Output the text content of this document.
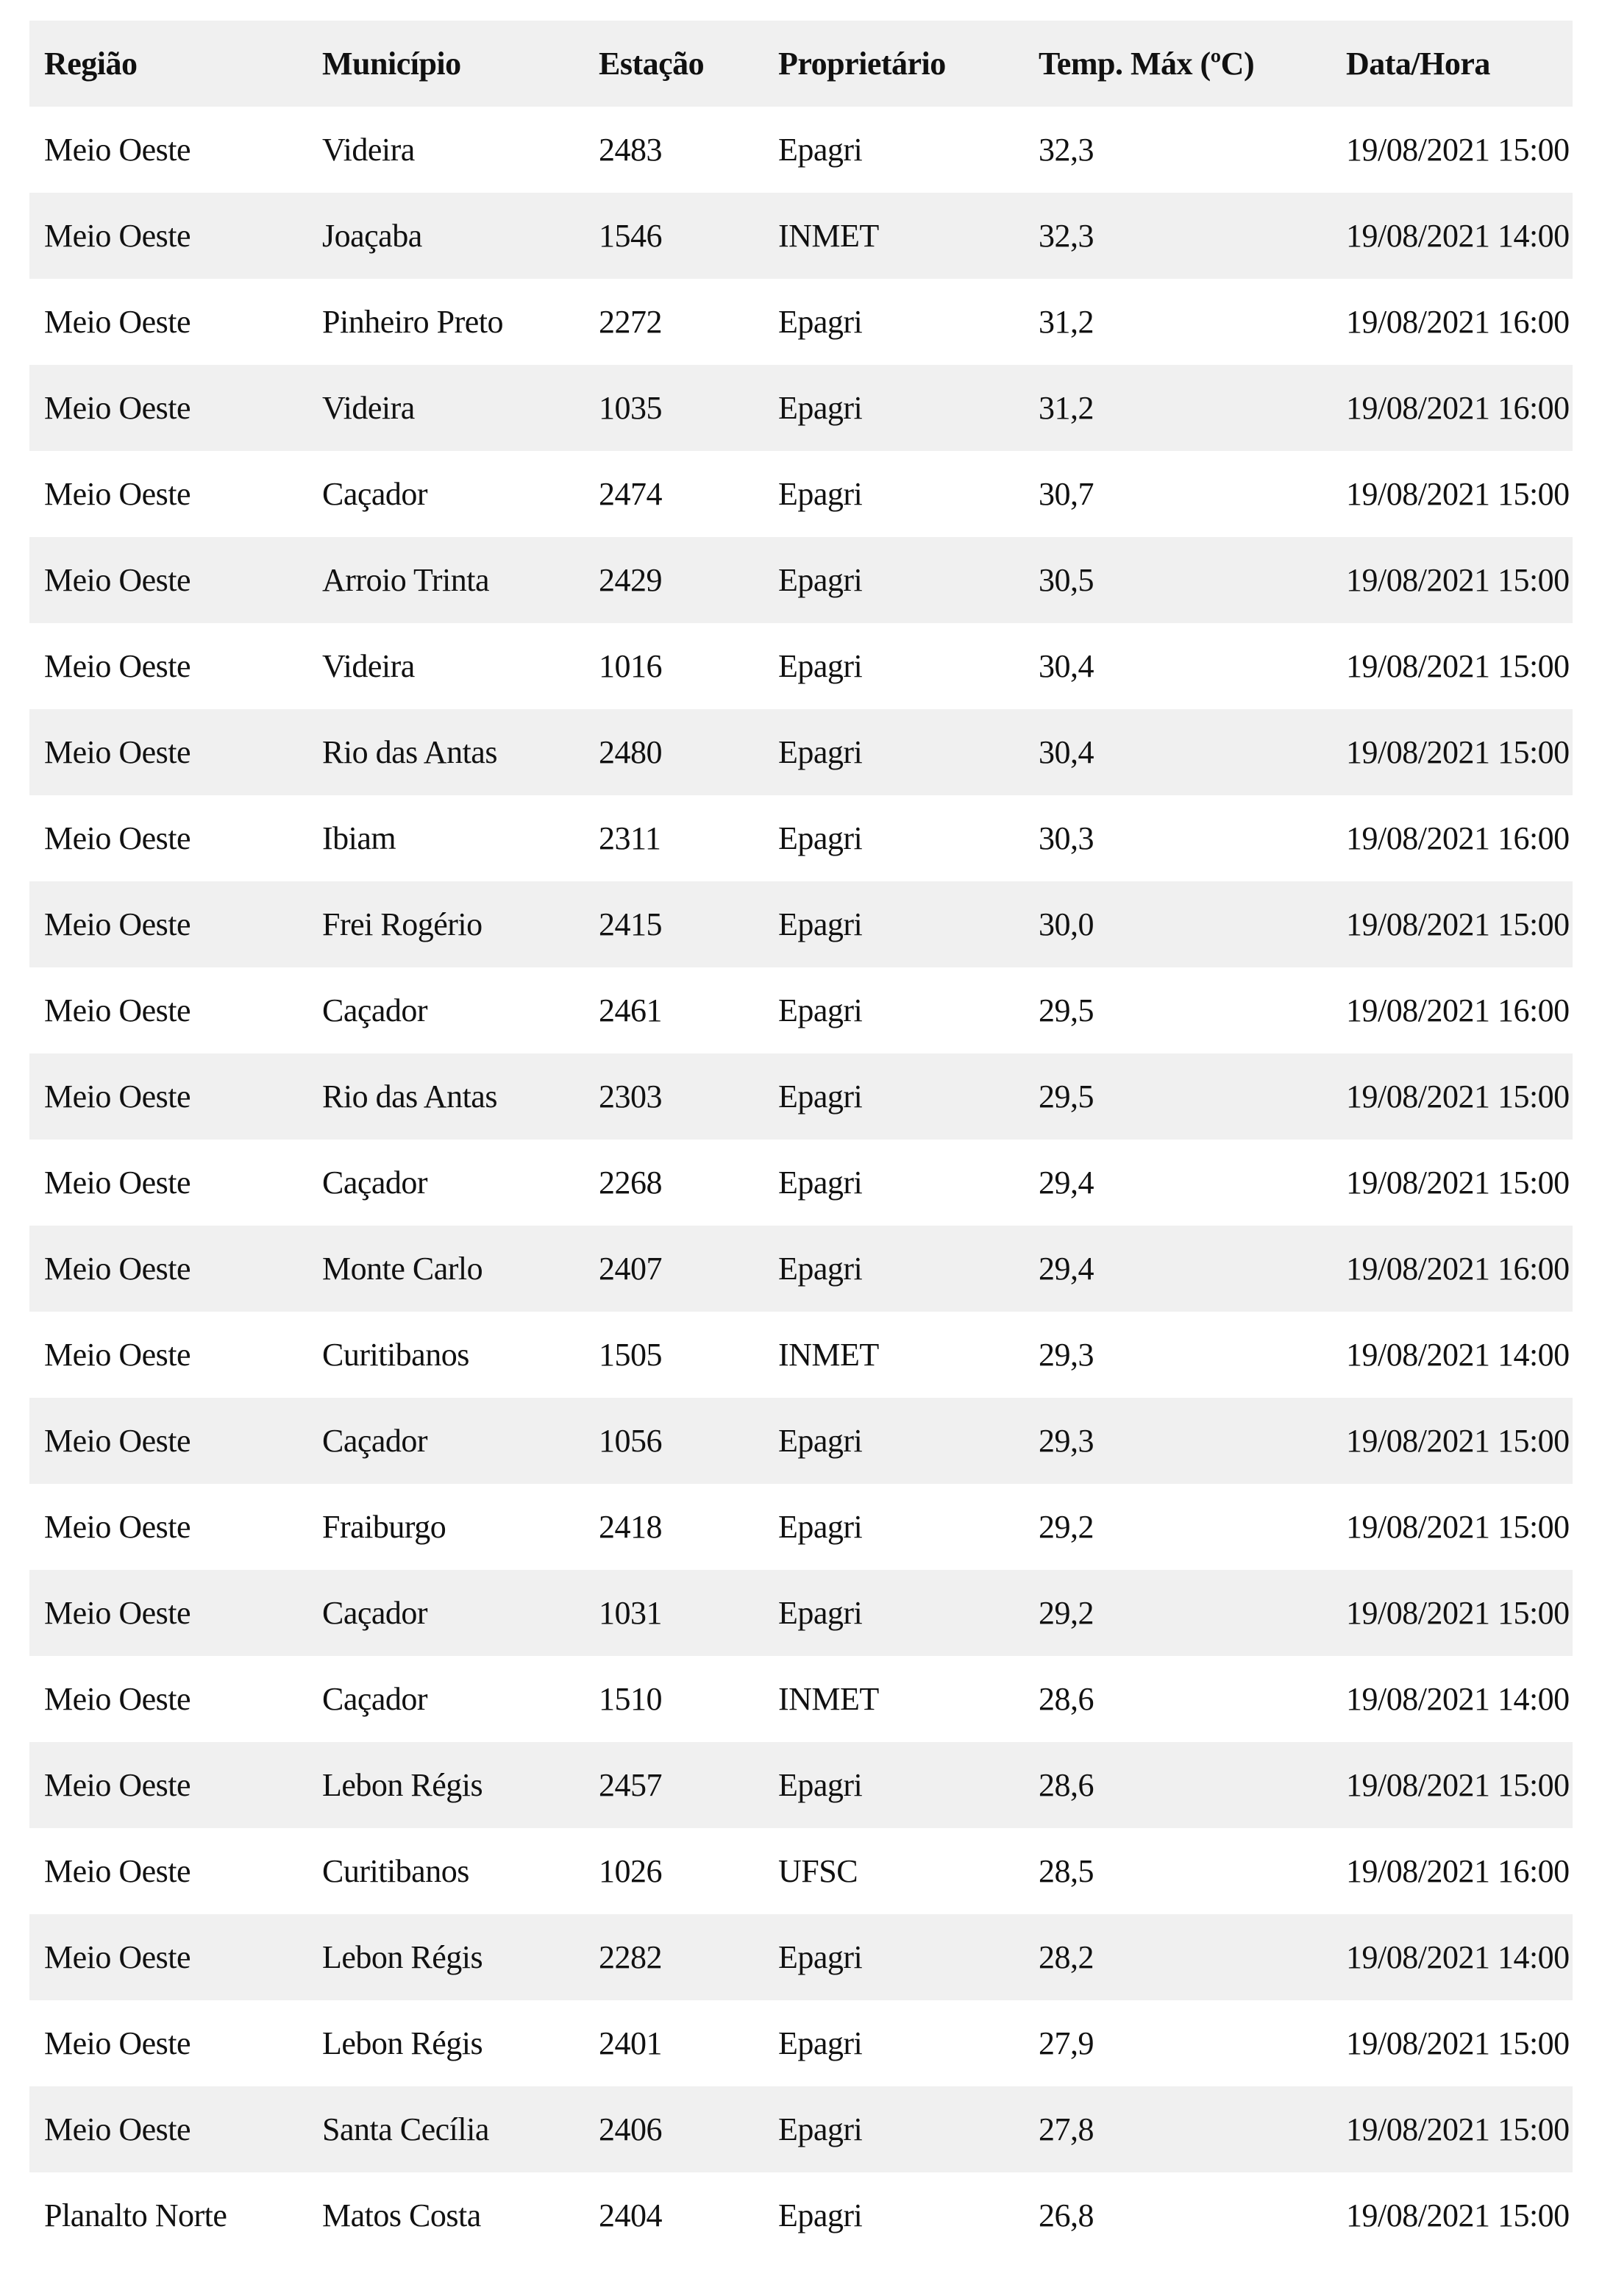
Região	Município	Estação	Proprietário	Temp. Máx (ºC)	Data/Hora
Meio Oeste	Videira	2483	Epagri	32,3	19/08/2021 15:00
Meio Oeste	Joaçaba	1546	INMET	32,3	19/08/2021 14:00
Meio Oeste	Pinheiro Preto	2272	Epagri	31,2	19/08/2021 16:00
Meio Oeste	Videira	1035	Epagri	31,2	19/08/2021 16:00
Meio Oeste	Caçador	2474	Epagri	30,7	19/08/2021 15:00
Meio Oeste	Arroio Trinta	2429	Epagri	30,5	19/08/2021 15:00
Meio Oeste	Videira	1016	Epagri	30,4	19/08/2021 15:00
Meio Oeste	Rio das Antas	2480	Epagri	30,4	19/08/2021 15:00
Meio Oeste	Ibiam	2311	Epagri	30,3	19/08/2021 16:00
Meio Oeste	Frei Rogério	2415	Epagri	30,0	19/08/2021 15:00
Meio Oeste	Caçador	2461	Epagri	29,5	19/08/2021 16:00
Meio Oeste	Rio das Antas	2303	Epagri	29,5	19/08/2021 15:00
Meio Oeste	Caçador	2268	Epagri	29,4	19/08/2021 15:00
Meio Oeste	Monte Carlo	2407	Epagri	29,4	19/08/2021 16:00
Meio Oeste	Curitibanos	1505	INMET	29,3	19/08/2021 14:00
Meio Oeste	Caçador	1056	Epagri	29,3	19/08/2021 15:00
Meio Oeste	Fraiburgo	2418	Epagri	29,2	19/08/2021 15:00
Meio Oeste	Caçador	1031	Epagri	29,2	19/08/2021 15:00
Meio Oeste	Caçador	1510	INMET	28,6	19/08/2021 14:00
Meio Oeste	Lebon Régis	2457	Epagri	28,6	19/08/2021 15:00
Meio Oeste	Curitibanos	1026	UFSC	28,5	19/08/2021 16:00
Meio Oeste	Lebon Régis	2282	Epagri	28,2	19/08/2021 14:00
Meio Oeste	Lebon Régis	2401	Epagri	27,9	19/08/2021 15:00
Meio Oeste	Santa Cecília	2406	Epagri	27,8	19/08/2021 15:00
Planalto Norte	Matos Costa	2404	Epagri	26,8	19/08/2021 15:00
